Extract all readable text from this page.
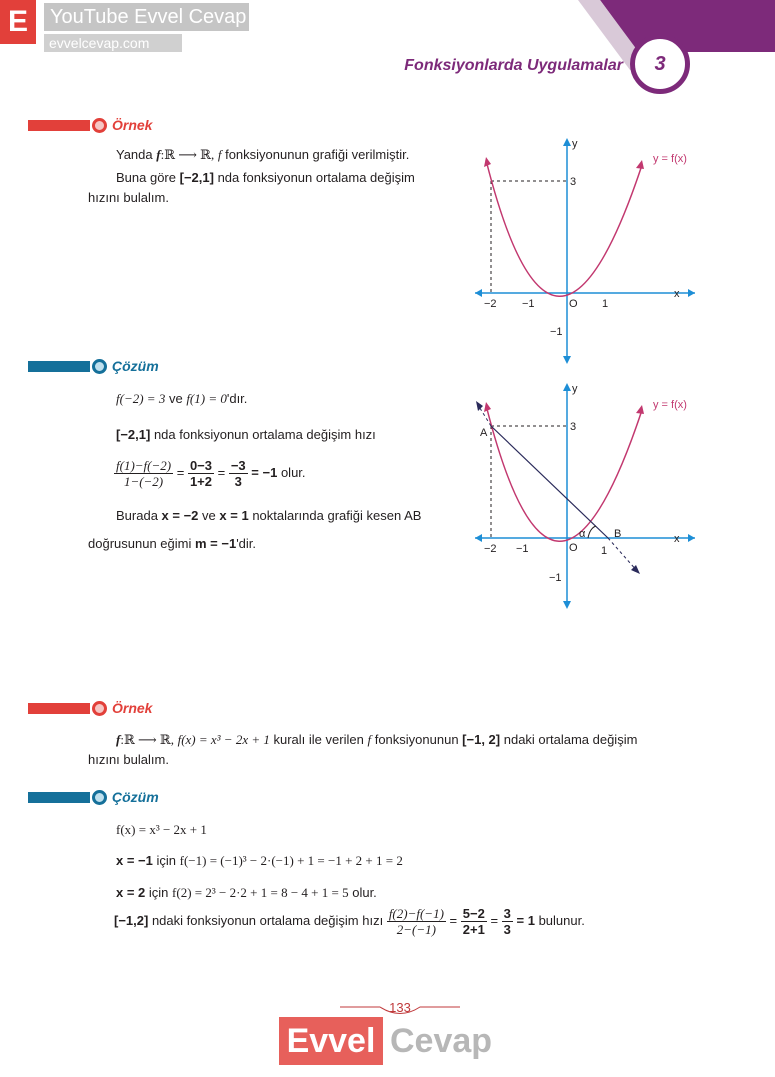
E	YouTube Evvel Cevap
evvelcevap.com
Fonksiyonlarda Uygulamalar	3
Örnek
Yanda f:ℝ ⟶ ℝ, f fonksiyonunun grafiği verilmiştir.
Buna göre [−2,1] nda fonksiyonun ortalama değişim
hızını bulalım.
y
x
y = f(x)
−2 −1	O 1
3
−1
Çözüm
f(−2) = 3 ve f(1) = 0'dır.
[−2,1] nda fonksiyonun ortalama değişim hızı
$\frac{f(1)-f(-2)}{1-(-2)} = \frac{0-3}{1+2} = \frac{-3}{3} = -1$ olur.
Burada x = −2 ve x = 1 noktalarında grafiği kesen AB
doğrusunun eğimi m = −1'dir.
y
x
y = f(x)
A
B
α
−2 −1	O 1
3
−1
Örnek
f:ℝ ⟶ ℝ, f(x) = x³ − 2x + 1 kuralı ile verilen f fonksiyonunun [−1, 2] ndaki ortalama değişim
hızını bulalım.
Çözüm
f(x) = x³ − 2x + 1
x = −1 için f(−1) = (−1)³ − 2·(−1) + 1 = −1 + 2 + 1 = 2
x = 2 için f(2) = 2³ − 2·2 + 1 = 8 − 4 + 1 = 5 olur.
[−1,2] ndaki fonksiyonun ortalama değişim hızı $\frac{f(2)-f(-1)}{2-(-1)} = \frac{5-2}{2+1} = \frac{3}{3} = 1$ bulunur.
133
Evvel Cevap
